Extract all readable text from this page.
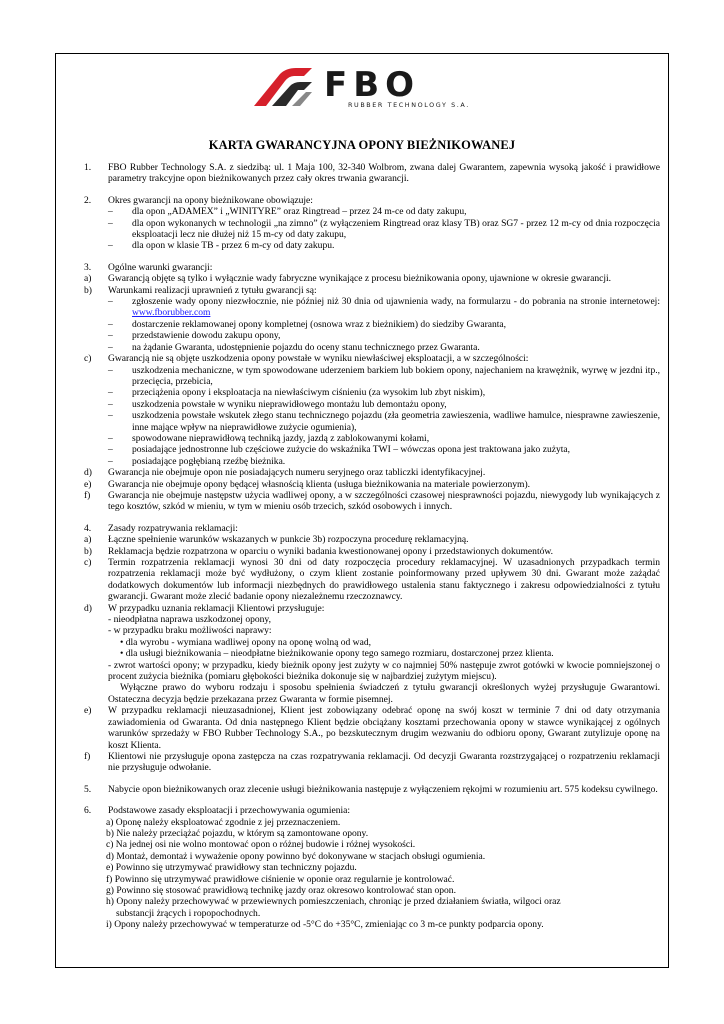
FBO
RUBBER TECHNOLOGY S.A.
KARTA GWARANCYJNA OPONY BIEŻNIKOWANEJ
1. FBO Rubber Technology S.A. z siedzibą: ul. 1 Maja 100, 32-340 Wolbrom, zwana dalej Gwarantem, zapewnia wysoką jakość i prawidłowe parametry trakcyjne opon bieżnikowanych przez cały okres trwania gwarancji.
2. Okres gwarancji na opony bieżnikowane obowiązuje:
– dla opon „ADAMEX” i „WINITYRE” oraz Ringtread – przez 24 m-ce od daty zakupu,
– dla opon wykonanych w technologii „na zimno” (z wyłączeniem Ringtread oraz klasy TB) oraz SG7 - przez 12 m-cy od dnia rozpoczęcia eksploatacji lecz nie dłużej niż 15 m-cy od daty zakupu,
– dla opon w klasie TB - przez 6 m-cy od daty zakupu.
3. Ogólne warunki gwarancji:
a) Gwarancją objęte są tylko i wyłącznie wady fabryczne wynikające z procesu bieżnikowania opony, ujawnione w okresie gwarancji.
b) Warunkami realizacji uprawnień z tytułu gwarancji są:
– zgłoszenie wady opony niezwłocznie, nie później niż 30 dnia od ujawnienia wady, na formularzu - do pobrania na stronie internetowej: www.fborubber.com
– dostarczenie reklamowanej opony kompletnej (osnowa wraz z bieżnikiem) do siedziby Gwaranta,
– przedstawienie dowodu zakupu opony,
– na żądanie Gwaranta, udostępnienie pojazdu do oceny stanu technicznego przez Gwaranta.
c) Gwarancją nie są objęte uszkodzenia opony powstałe w wyniku niewłaściwej eksploatacji, a w szczególności:
– uszkodzenia mechaniczne, w tym spowodowane uderzeniem barkiem lub bokiem opony, najechaniem na krawężnik, wyrwę w jezdni itp., przecięcia, przebicia,
– przeciążenia opony i eksploatacja na niewłaściwym ciśnieniu (za wysokim lub zbyt niskim),
– uszkodzenia powstałe w wyniku nieprawidłowego montażu lub demontażu opony,
– uszkodzenia powstałe wskutek złego stanu technicznego pojazdu (zła geometria zawieszenia, wadliwe hamulce, niesprawne zawieszenie, inne mające wpływ na nieprawidłowe zużycie ogumienia),
– spowodowane nieprawidłową techniką jazdy, jazdą z zablokowanymi kołami,
– posiadające jednostronne lub częściowe zużycie do wskaźnika TWI – wówczas opona jest traktowana jako zużyta,
– posiadające pogłębianą rzeźbę bieżnika.
d) Gwarancja nie obejmuje opon nie posiadających numeru seryjnego oraz tabliczki identyfikacyjnej.
e) Gwarancja nie obejmuje opony będącej własnością klienta (usługa bieżnikowania na materiale powierzonym).
f) Gwarancja nie obejmuje następstw użycia wadliwej opony, a w szczególności czasowej niesprawności pojazdu, niewygody lub wynikających z tego kosztów, szkód w mieniu, w tym w mieniu osób trzecich, szkód osobowych i innych.
4. Zasady rozpatrywania reklamacji:
a) Łączne spełnienie warunków wskazanych w punkcie 3b) rozpoczyna procedurę reklamacyjną.
b) Reklamacja będzie rozpatrzona w oparciu o wyniki badania kwestionowanej opony i przedstawionych dokumentów.
c) Termin rozpatrzenia reklamacji wynosi 30 dni od daty rozpoczęcia procedury reklamacyjnej. W uzasadnionych przypadkach termin rozpatrzenia reklamacji może być wydłużony, o czym klient zostanie poinformowany przed upływem 30 dni. Gwarant może zażądać dodatkowych dokumentów lub informacji niezbędnych do prawidłowego ustalenia stanu faktycznego i zakresu odpowiedzialności z tytułu gwarancji. Gwarant może zlecić badanie opony niezależnemu rzeczoznawcy.
d) W przypadku uznania reklamacji Klientowi przysługuje:
- nieodpłatna naprawa uszkodzonej opony,
- w przypadku braku możliwości naprawy:
• dla wyrobu - wymiana wadliwej opony na oponę wolną od wad,
• dla usługi bieżnikowania – nieodpłatne bieżnikowanie opony tego samego rozmiaru, dostarczonej przez klienta.
- zwrot wartości opony; w przypadku, kiedy bieżnik opony jest zużyty w co najmniej 50% następuje zwrot gotówki w kwocie pomniejszonej o procent zużycia bieżnika (pomiaru głębokości bieżnika dokonuje się w najbardziej zużytym miejscu).
Wyłączne prawo do wyboru rodzaju i sposobu spełnienia świadczeń z tytułu gwarancji określonych wyżej przysługuje Gwarantowi. Ostateczna decyzja będzie przekazana przez Gwaranta w formie pisemnej.
e) W przypadku reklamacji nieuzasadnionej, Klient jest zobowiązany odebrać oponę na swój koszt w terminie 7 dni od daty otrzymania zawiadomienia od Gwaranta. Od dnia następnego Klient będzie obciążany kosztami przechowania opony w stawce wynikającej z ogólnych warunków sprzedaży w FBO Rubber Technology S.A., po bezskutecznym drugim wezwaniu do odbioru opony, Gwarant zutylizuje oponę na koszt Klienta.
f) Klientowi nie przysługuje opona zastępcza na czas rozpatrywania reklamacji. Od decyzji Gwaranta rozstrzygającej o rozpatrzeniu reklamacji nie przysługuje odwołanie.
5. Nabycie opon bieżnikowanych oraz zlecenie usługi bieżnikowania następuje z wyłączeniem rękojmi w rozumieniu art. 575 kodeksu cywilnego.
6. Podstawowe zasady eksploatacji i przechowywania ogumienia:
a) Oponę należy eksploatować zgodnie z jej przeznaczeniem.
b) Nie należy przeciążać pojazdu, w którym są zamontowane opony.
c) Na jednej osi nie wolno montować opon o różnej budowie i różnej wysokości.
d) Montaż, demontaż i wyważenie opony powinno być dokonywane w stacjach obsługi ogumienia.
e) Powinno się utrzymywać prawidłowy stan techniczny pojazdu.
f) Powinno się utrzymywać prawidłowe ciśnienie w oponie oraz regularnie je kontrolować.
g) Powinno się stosować prawidłową technikę jazdy oraz okresowo kontrolować stan opon.
h) Opony należy przechowywać w przewiewnych pomieszczeniach, chroniąc je przed działaniem światła, wilgoci oraz
substancji żrących i ropopochodnych.
i) Opony należy przechowywać w temperaturze od -5°C do +35°C, zmieniając co 3 m-ce punkty podparcia opony.
